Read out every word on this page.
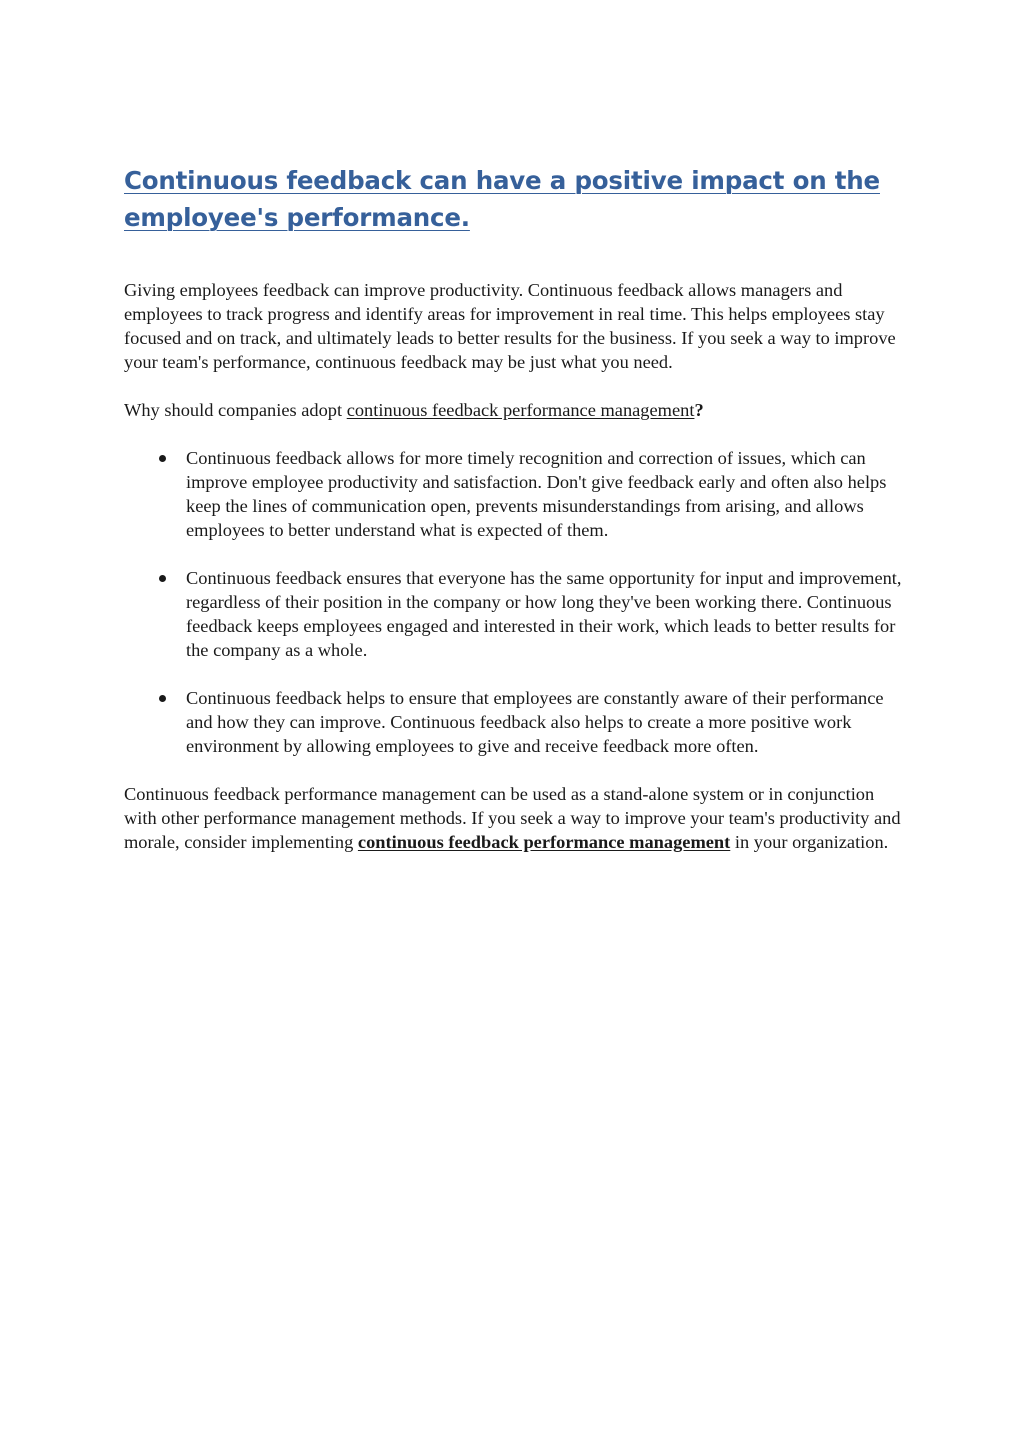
Continuous feedback can have a positive impact on the employee's performance.

Giving employees feedback can improve productivity. Continuous feedback allows managers and employees to track progress and identify areas for improvement in real time. This helps employees stay focused and on track, and ultimately leads to better results for the business. If you seek a way to improve your team's performance, continuous feedback may be just what you need.

Why should companies adopt continuous feedback performance management?

Continuous feedback allows for more timely recognition and correction of issues, which can improve employee productivity and satisfaction. Don't give feedback early and often also helps keep the lines of communication open, prevents misunderstandings from arising, and allows employees to better understand what is expected of them.
Continuous feedback ensures that everyone has the same opportunity for input and improvement, regardless of their position in the company or how long they've been working there. Continuous feedback keeps employees engaged and interested in their work, which leads to better results for the company as a whole.
Continuous feedback helps to ensure that employees are constantly aware of their performance and how they can improve. Continuous feedback also helps to create a more positive work environment by allowing employees to give and receive feedback more often.

Continuous feedback performance management can be used as a stand-alone system or in conjunction with other performance management methods. If you seek a way to improve your team's productivity and morale, consider implementing continuous feedback performance management in your organization.
